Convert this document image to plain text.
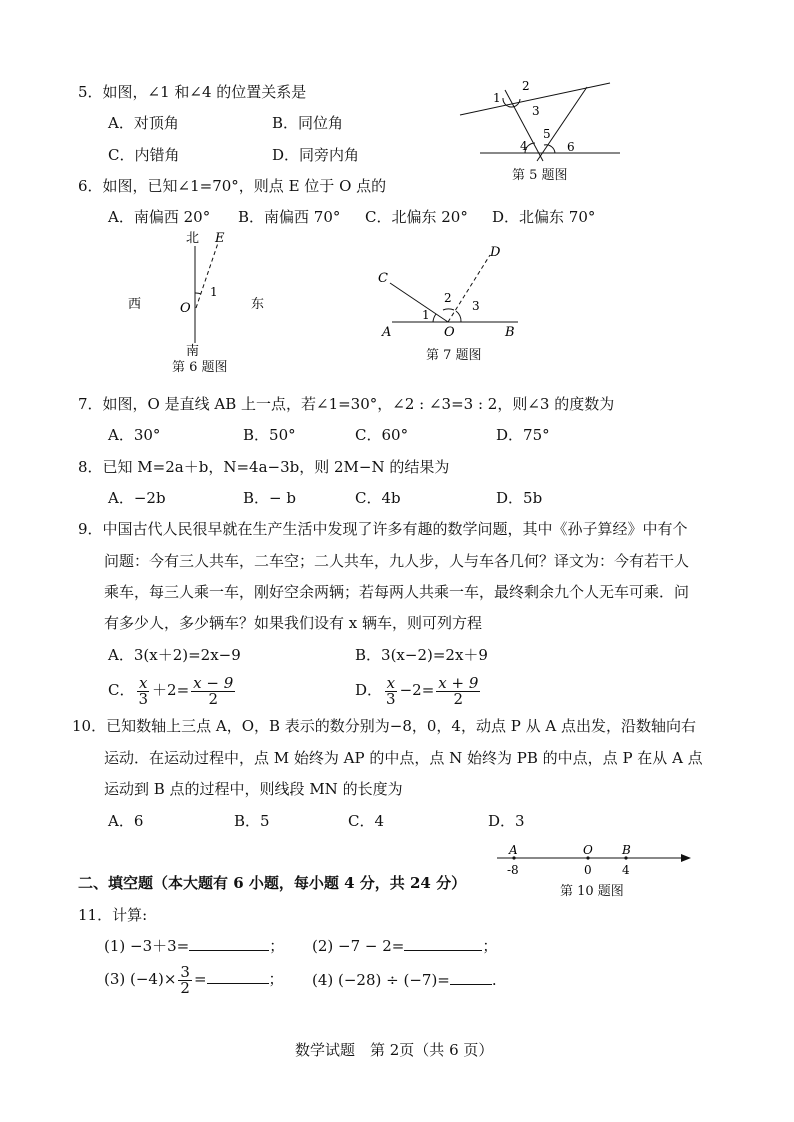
5．如图，∠1 和∠4 的位置关系是
A．对顶角	B．同位角
C．内错角	D．同旁内角
1
2
3
4
5
6
第 5 题图
6．如图，已知∠1=70°，则点 E 位于 O 点的
A．南偏西 20° B．南偏西 70° C．北偏东 20° D．北偏东 70°
北 E
西	东
O
1
南
第 6 题图
A	B
C
D
O
1
2
3
第 7 题图
7．如图，O 是直线 AB 上一点，若∠1=30°，∠2 : ∠3=3 : 2，则∠3 的度数为
A．30°	B．50°	C．60°	D．75°
8．已知 M=2a＋b，N=4a−3b，则 2M−N 的结果为
A．−2b	B．− b	C．4b	D．5b
9．中国古代人民很早就在生产生活中发现了许多有趣的数学问题，其中《孙子算经》中有个
问题：今有三人共车，二车空；二人共车，九人步，人与车各几何？译文为：今有若干人
乘车，每三人乘一车，刚好空余两辆；若每两人共乘一车，最终剩余九个人无车可乘．问
有多少人，多少辆车？如果我们设有 x 辆车，则可列方程
A．3(x＋2)=2x−9	B．3(x−2)=2x＋9
C． $\frac{x}{3} +2= \frac{x - 9}{2}$	D． $\frac{x}{3} -2= \frac{x + 9}{2}$
10．已知数轴上三点 A，O，B 表示的数分别为−8，0，4，动点 P 从 A 点出发，沿数轴向右
运动．在运动过程中，点 M 始终为 AP 的中点，点 N 始终为 PB 的中点，点 P 在从 A 点
运动到 B 点的过程中，则线段 MN 的长度为
A．6	B．5	C．4	D．3
A	O B
-8	0	4
第 10 题图
二、填空题（本大题有 6 小题，每小题 4 分，共 24 分）
11．计算:
(1) −3＋3=	； (2) −7 − 2=	；
(3) $(-4)\times \frac{3}{2}$ =	； (4) (−28) ÷ (−7)=	.
数学试题　第 2页（共 6 页）
